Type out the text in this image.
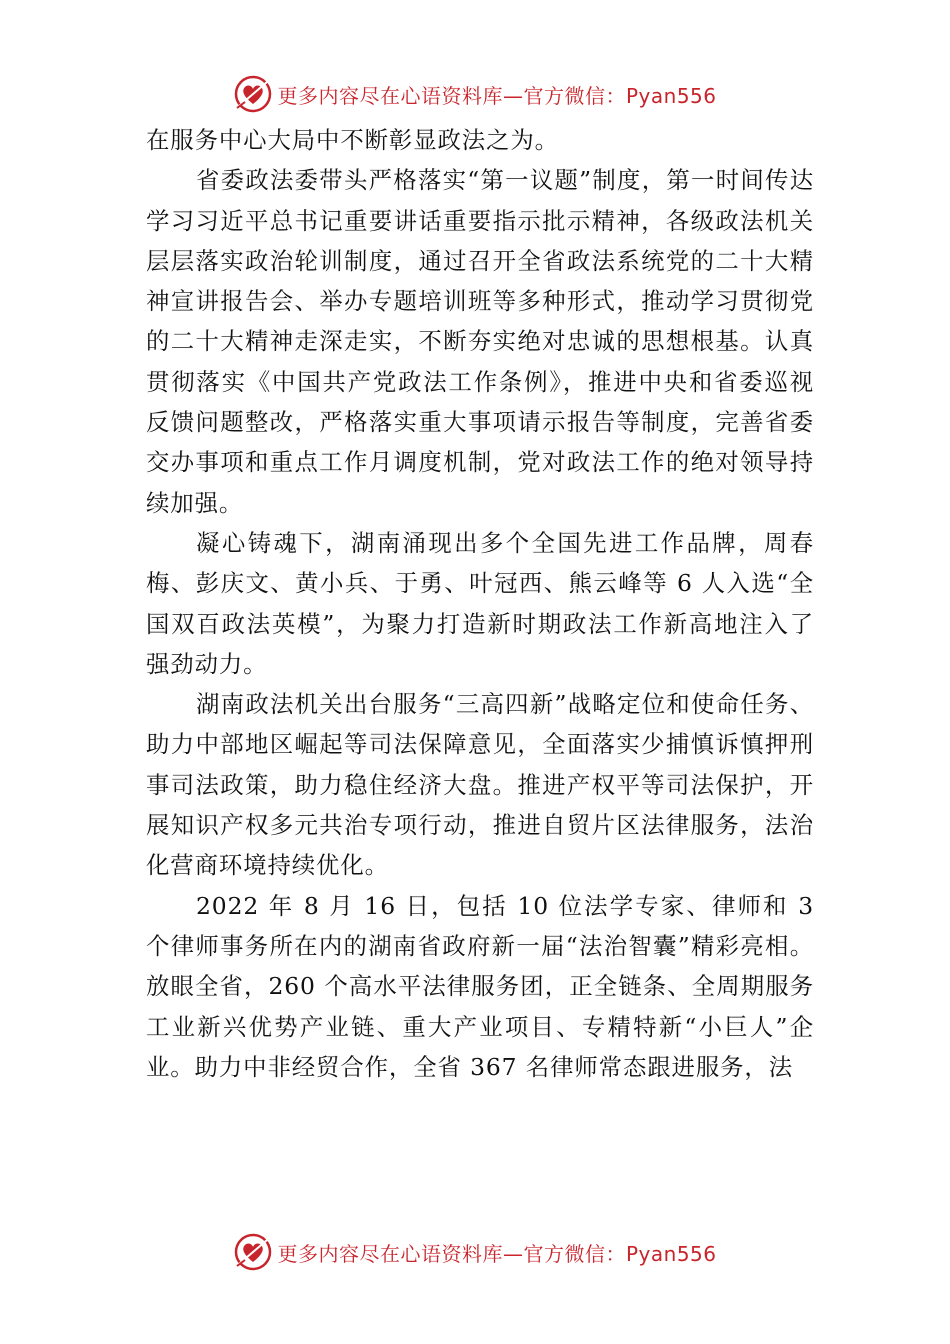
更多内容尽在心语资料库—官方微信：Pyan556

在服务中心大局中不断彰显政法之为。

省委政法委带头严格落实“第一议题”制度，第一时间传达学习习近平总书记重要讲话重要指示批示精神，各级政法机关层层落实政治轮训制度，通过召开全省政法系统党的二十大精神宣讲报告会、举办专题培训班等多种形式，推动学习贯彻党的二十大精神走深走实，不断夯实绝对忠诚的思想根基。认真贯彻落实《中国共产党政法工作条例》，推进中央和省委巡视反馈问题整改，严格落实重大事项请示报告等制度，完善省委交办事项和重点工作月调度机制，党对政法工作的绝对领导持续加强。

凝心铸魂下，湖南涌现出多个全国先进工作品牌，周春梅、彭庆文、黄小兵、于勇、叶冠西、熊云峰等 6 人入选“全国双百政法英模”，为聚力打造新时期政法工作新高地注入了强劲动力。

湖南政法机关出台服务“三高四新”战略定位和使命任务、助力中部地区崛起等司法保障意见，全面落实少捕慎诉慎押刑事司法政策，助力稳住经济大盘。推进产权平等司法保护，开展知识产权多元共治专项行动，推进自贸片区法律服务，法治化营商环境持续优化。

2022 年 8 月 16 日，包括 10 位法学专家、律师和 3 个律师事务所在内的湖南省政府新一届“法治智囊”精彩亮相。放眼全省，260 个高水平法律服务团，正全链条、全周期服务工业新兴优势产业链、重大产业项目、专精特新“小巨人”企业。助力中非经贸合作，全省 367 名律师常态跟进服务，法

更多内容尽在心语资料库—官方微信：Pyan556
